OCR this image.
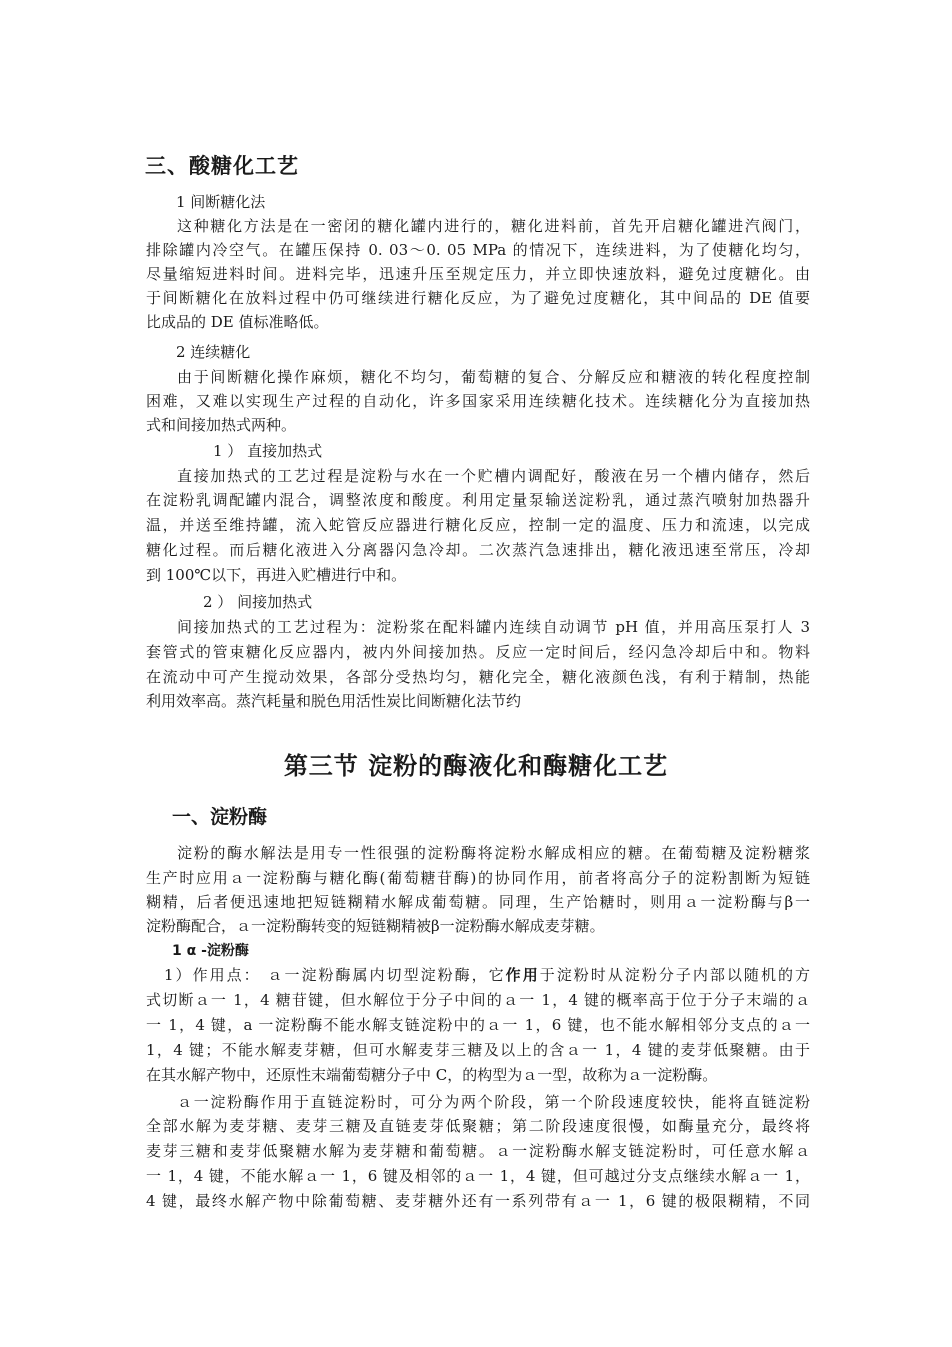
三、酸糖化工艺
1 间断糖化法
这种糖化方法是在一密闭的糖化罐内进行的，糖化进料前，首先开启糖化罐进汽阀门，
排除罐内冷空气。在罐压保持 0. 03～0. 05 MPa 的情况下，连续进料，为了使糖化均匀，
尽量缩短进料时间。进料完毕，迅速升压至规定压力，并立即快速放料，避免过度糖化。由
于间断糖化在放料过程中仍可继续进行糖化反应，为了避免过度糖化，其中间品的 DE 值要
比成品的 DE 值标准略低。
2 连续糖化
由于间断糖化操作麻烦，糖化不均匀，葡萄糖的复合、分解反应和糖液的转化程度控制
困难，又难以实现生产过程的自动化，许多国家采用连续糖化技术。连续糖化分为直接加热
式和间接加热式两种。
1 ） 直接加热式
直接加热式的工艺过程是淀粉与水在一个贮槽内调配好，酸液在另一个槽内储存，然后
在淀粉乳调配罐内混合，调整浓度和酸度。利用定量泵输送淀粉乳，通过蒸汽喷射加热器升
温，并送至维持罐，流入蛇管反应器进行糖化反应，控制一定的温度、压力和流速，以完成
糖化过程。而后糖化液进入分离器闪急冷却。二次蒸汽急速排出，糖化液迅速至常压，冷却
到 100℃以下，再进入贮槽进行中和。
2 ） 间接加热式
间接加热式的工艺过程为：淀粉浆在配料罐内连续自动调节 pH 值，并用高压泵打人 3
套管式的管束糖化反应器内，被内外间接加热。反应一定时间后，经闪急冷却后中和。物料
在流动中可产生搅动效果，各部分受热均匀，糖化完全，糖化液颜色浅，有利于精制，热能
利用效率高。蒸汽耗量和脱色用活性炭比间断糖化法节约
第三节 淀粉的酶液化和酶糖化工艺
一、淀粉酶
淀粉的酶水解法是用专一性很强的淀粉酶将淀粉水解成相应的糖。在葡萄糖及淀粉糖浆
生产时应用ａ一淀粉酶与糖化酶(葡萄糖苷酶)的协同作用，前者将高分子的淀粉割断为短链
糊精，后者便迅速地把短链糊精水解成葡萄糖。同理，生产饴糖时，则用ａ一淀粉酶与β一
淀粉酶配合，ａ一淀粉酶转变的短链糊精被β一淀粉酶水解成麦芽糖。
1 α -淀粉酶
1）作用点： ａ一淀粉酶属内切型淀粉酶，它作用于淀粉时从淀粉分子内部以随机的方
式切断ａ一 1，4 糖苷键，但水解位于分子中间的ａ一 1，4 键的概率高于位于分子末端的ａ
一 1，4 键，a 一淀粉酶不能水解支链淀粉中的ａ一 1，6 键，也不能水解相邻分支点的ａ一
1，4 键；不能水解麦芽糖，但可水解麦芽三糖及以上的含ａ一 1，4 键的麦芽低聚糖。由于
在其水解产物中，还原性末端葡萄糖分子中 C，的构型为ａ一型，故称为ａ一淀粉酶。
ａ一淀粉酶作用于直链淀粉时，可分为两个阶段，第一个阶段速度较快，能将直链淀粉
全部水解为麦芽糖、麦芽三糖及直链麦芽低聚糖；第二阶段速度很慢，如酶量充分，最终将
麦芽三糖和麦芽低聚糖水解为麦芽糖和葡萄糖。ａ一淀粉酶水解支链淀粉时，可任意水解ａ
一 1，4 键，不能水解ａ一 1，6 键及相邻的ａ一 1，4 键，但可越过分支点继续水解ａ一 1，
4 键，最终水解产物中除葡萄糖、麦芽糖外还有一系列带有ａ一 1，6 键的极限糊精，不同
